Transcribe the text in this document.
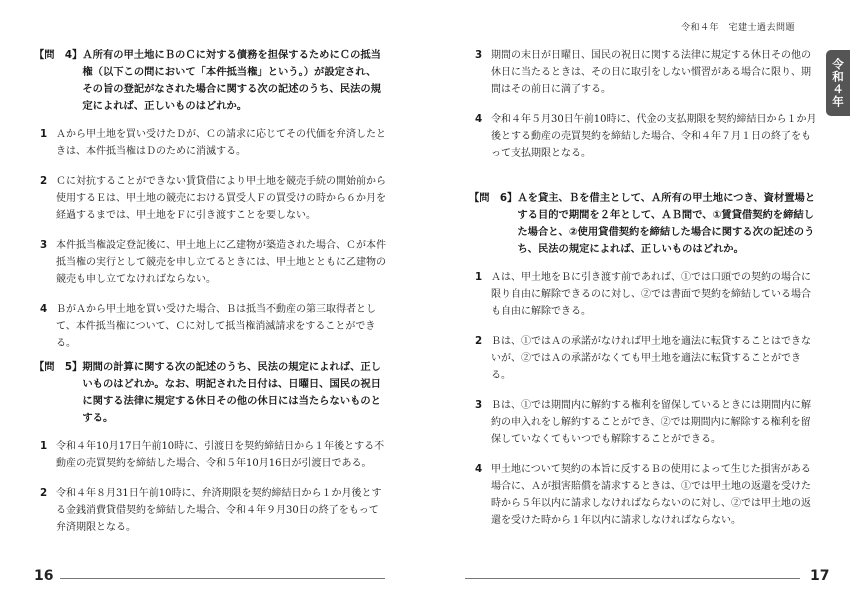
【問　4】 Ａ所有の甲土地にＢのＣに対する債務を担保するためにＣの抵当権（以下この問において「本件抵当権」という。）が設定され、その旨の登記がなされた場合に関する次の記述のうち、民法の規定によれば、正しいものはどれか。
1 Ａから甲土地を買い受けたＤが、Ｃの請求に応じてその代価を弁済したときは、本件抵当権はＤのために消滅する。
2 Ｃに対抗することができない賃貸借により甲土地を競売手続の開始前から使用するＥは、甲土地の競売における買受人Ｆの買受けの時から６か月を経過するまでは、甲土地をＦに引き渡すことを要しない。
3 本件抵当権設定登記後に、甲土地上に乙建物が築造された場合、Ｃが本件抵当権の実行として競売を申し立てるときには、甲土地とともに乙建物の競売も申し立てなければならない。
4 ＢがＡから甲土地を買い受けた場合、Ｂは抵当不動産の第三取得者として、本件抵当権について、Ｃに対して抵当権消滅請求をすることができる。
【問　5】 期間の計算に関する次の記述のうち、民法の規定によれば、正しいものはどれか。なお、明記された日付は、日曜日、国民の祝日に関する法律に規定する休日その他の休日には当たらないものとする。
1 令和４年10月17日午前10時に、引渡日を契約締結日から１年後とする不動産の売買契約を締結した場合、令和５年10月16日が引渡日である。
2 令和４年８月31日午前10時に、弁済期限を契約締結日から１か月後とする金銭消費貸借契約を締結した場合、令和４年９月30日の終了をもって弁済期限となる。
16
令和４年　宅建士過去問題
令和４年
3 期間の末日が日曜日、国民の祝日に関する法律に規定する休日その他の休日に当たるときは、その日に取引をしない慣習がある場合に限り、期間はその前日に満了する。
4 令和４年５月30日午前10時に、代金の支払期限を契約締結日から１か月後とする動産の売買契約を締結した場合、令和４年７月１日の終了をもって支払期限となる。
【問　6】 Ａを貸主、Ｂを借主として、Ａ所有の甲土地につき、資材置場とする目的で期間を２年として、ＡＢ間で、①賃貸借契約を締結した場合と、②使用貸借契約を締結した場合に関する次の記述のうち、民法の規定によれば、正しいものはどれか。
1 Ａは、甲土地をＢに引き渡す前であれば、①では口頭での契約の場合に限り自由に解除できるのに対し、②では書面で契約を締結している場合も自由に解除できる。
2 Ｂは、①ではＡの承諾がなければ甲土地を適法に転貸することはできないが、②ではＡの承諾がなくても甲土地を適法に転貸することができる。
3 Ｂは、①では期間内に解約する権利を留保しているときには期間内に解約の申入れをし解約することができ、②では期間内に解除する権利を留保していなくてもいつでも解除することができる。
4 甲土地について契約の本旨に反するＢの使用によって生じた損害がある場合に、Ａが損害賠償を請求するときは、①では甲土地の返還を受けた時から５年以内に請求しなければならないのに対し、②では甲土地の返還を受けた時から１年以内に請求しなければならない。
17
